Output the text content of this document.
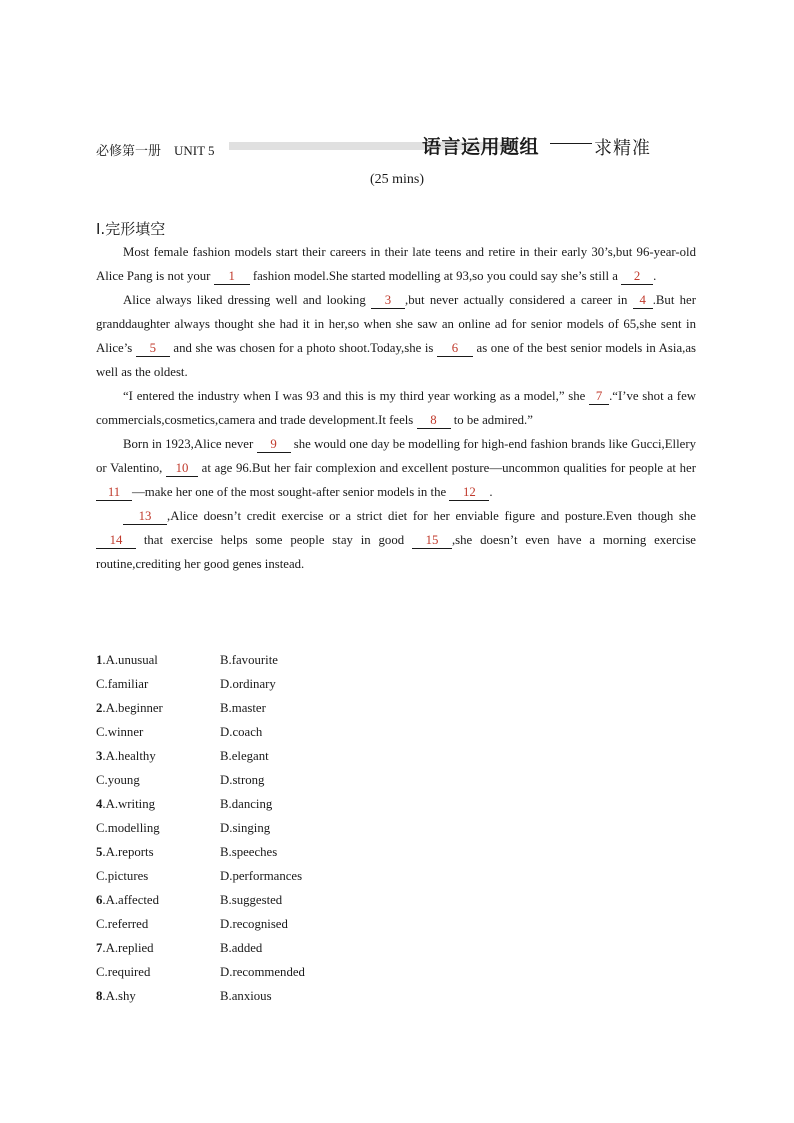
必修第一册　UNIT 5	语言运用题组	求精准
(25 mins)
Ⅰ.完形填空

Most female fashion models start their careers in their late teens and retire in their early 30’s,but 96-year-old Alice Pang is not your 1 fashion model.She started modelling at 93,so you could say she’s still a 2 .

Alice always liked dressing well and looking 3 ,but never actually considered a career in 4 .But her granddaughter always thought she had it in her,so when she saw an online ad for senior models of 65,she sent in Alice’s 5 and she was chosen for a photo shoot.Today,she is 6 as one of the best senior models in Asia,as well as the oldest.

“I entered the industry when I was 93 and this is my third year working as a model,” she 7 .“I’ve shot a few commercials,cosmetics,camera and trade development.It feels 8 to be admired.”

Born in 1923,Alice never 9 she would one day be modelling for high-end fashion brands like Gucci,Ellery or Valentino, 10 at age 96.But her fair complexion and excellent posture—uncommon qualities for people at her 11 —make her one of the most sought-after senior models in the 12 .

13 ,Alice doesn’t credit exercise or a strict diet for her enviable figure and posture.Even though she 14 that exercise helps some people stay in good 15 ,she doesn’t even have a morning exercise routine,crediting her good genes instead.

1.A.unusual	B.favourite
C.familiar	D.ordinary
2.A.beginner	B.master
C.winner	D.coach
3.A.healthy	B.elegant
C.young	D.strong
4.A.writing	B.dancing
C.modelling	D.singing
5.A.reports	B.speeches
C.pictures	D.performances
6.A.affected	B.suggested
C.referred	D.recognised
7.A.replied	B.added
C.required	D.recommended
8.A.shy	B.anxious
